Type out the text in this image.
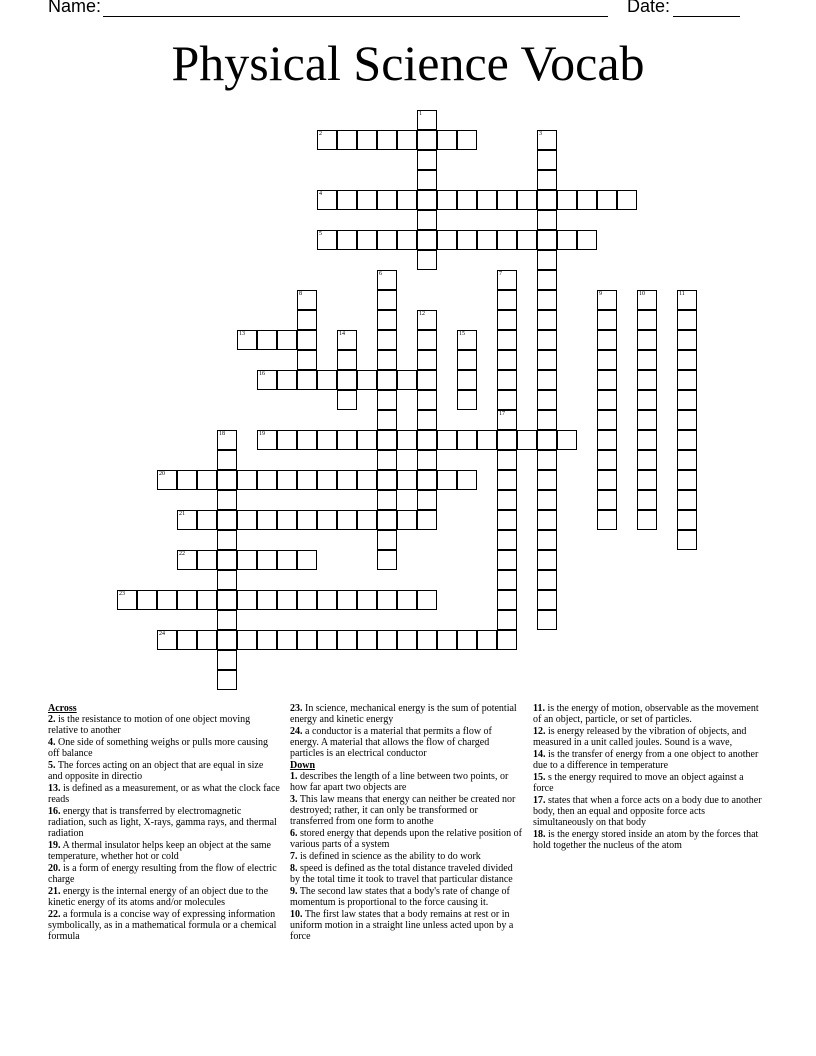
Name:	Date:
Physical Science Vocab
1
2	3
4
5
6	7
17
8	9	10	11
12
13	14	15
16
18	19
20
21
22
23
24
Across
2. is the resistance to motion of one object moving relative to another
4. One side of something weighs or pulls more causing off balance
5. The forces acting on an object that are equal in size and opposite in directio
13. is defined as a measurement, or as what the clock face reads
16. energy that is transferred by electromagnetic radiation, such as light, X-rays, gamma rays, and thermal radiation
19. A thermal insulator helps keep an object at the same temperature, whether hot or cold
20. is a form of energy resulting from the flow of electric charge
21. energy is the internal energy of an object due to the kinetic energy of its atoms and/or molecules
22. a formula is a concise way of expressing information symbolically, as in a mathematical formula or a chemical formula
23. In science, mechanical energy is the sum of potential energy and kinetic energy
24. a conductor is a material that permits a flow of energy. A material that allows the flow of charged particles is an electrical conductor
Down
1. describes the length of a line between two points, or how far apart two objects are
3. This law means that energy can neither be created nor destroyed; rather, it can only be transformed or transferred from one form to anothe
6. stored energy that depends upon the relative position of various parts of a system
7. is defined in science as the ability to do work
8. speed is defined as the total distance traveled divided by the total time it took to travel that particular distance
9. The second law states that a body's rate of change of momentum is proportional to the force causing it.
10. The first law states that a body remains at rest or in uniform motion in a straight line unless acted upon by a force
11. is the energy of motion, observable as the movement of an object, particle, or set of particles.
12. is energy released by the vibration of objects, and measured in a unit called joules. Sound is a wave,
14. is the transfer of energy from a one object to another due to a difference in temperature
15. s the energy required to move an object against a force
17. states that when a force acts on a body due to another body, then an equal and opposite force acts simultaneously on that body
18. is the energy stored inside an atom by the forces that hold together the nucleus of the atom
